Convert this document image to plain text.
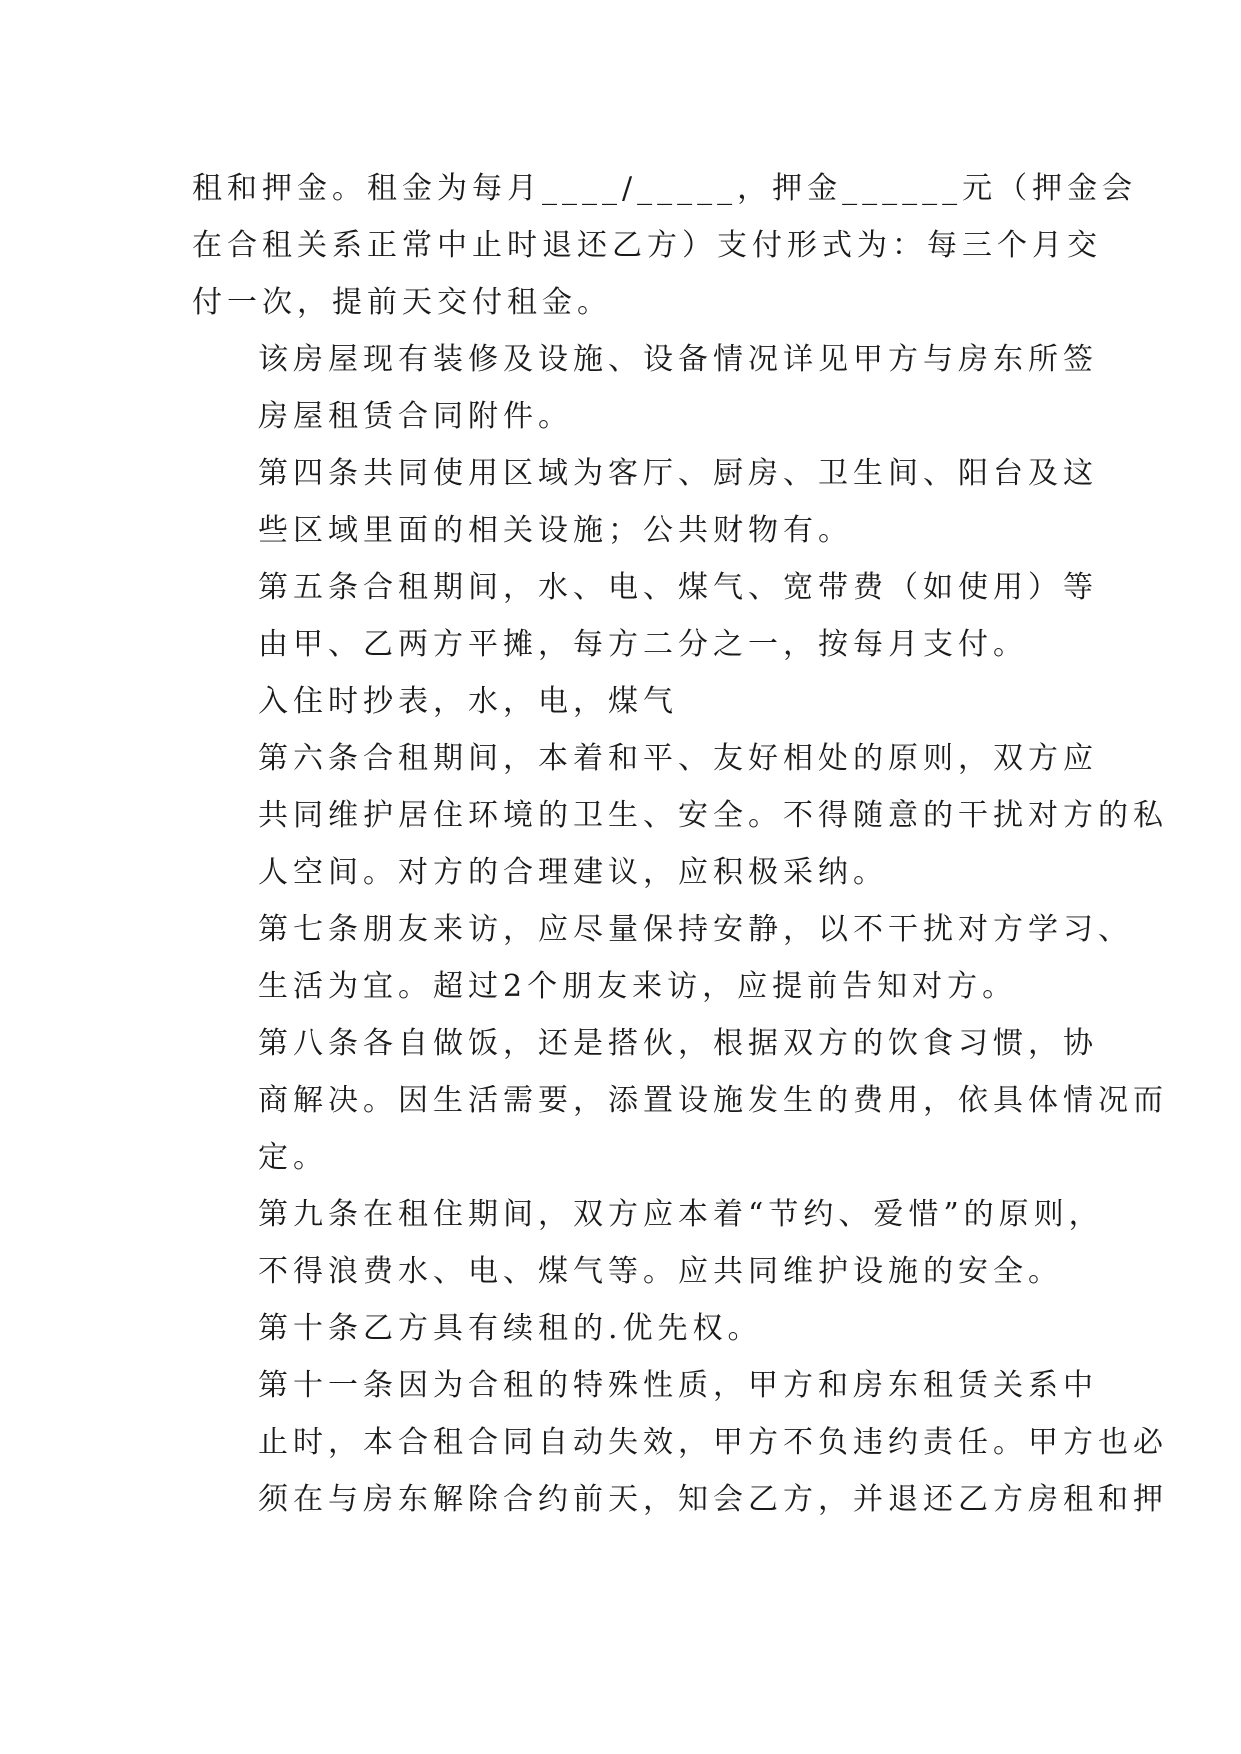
租和押金。租金为每月____/_____，押金______元（押金会
在合租关系正常中止时退还乙方）支付形式为：每三个月交
付一次，提前天交付租金。
该房屋现有装修及设施、设备情况详见甲方与房东所签
房屋租赁合同附件。
第四条共同使用区域为客厅、厨房、卫生间、阳台及这
些区域里面的相关设施；公共财物有。
第五条合租期间，水、电、煤气、宽带费（如使用）等
由甲、乙两方平摊，每方二分之一，按每月支付。
入住时抄表，水，电，煤气
第六条合租期间，本着和平、友好相处的原则，双方应
共同维护居住环境的卫生、安全。不得随意的干扰对方的私
人空间。对方的合理建议，应积极采纳。
第七条朋友来访，应尽量保持安静，以不干扰对方学习、
生活为宜。超过2个朋友来访，应提前告知对方。
第八条各自做饭，还是搭伙，根据双方的饮食习惯，协
商解决。因生活需要，添置设施发生的费用，依具体情况而
定。
第九条在租住期间，双方应本着“节约、爱惜”的原则，
不得浪费水、电、煤气等。应共同维护设施的安全。
第十条乙方具有续租的.优先权。
第十一条因为合租的特殊性质，甲方和房东租赁关系中
止时，本合租合同自动失效，甲方不负违约责任。甲方也必
须在与房东解除合约前天，知会乙方，并退还乙方房租和押
